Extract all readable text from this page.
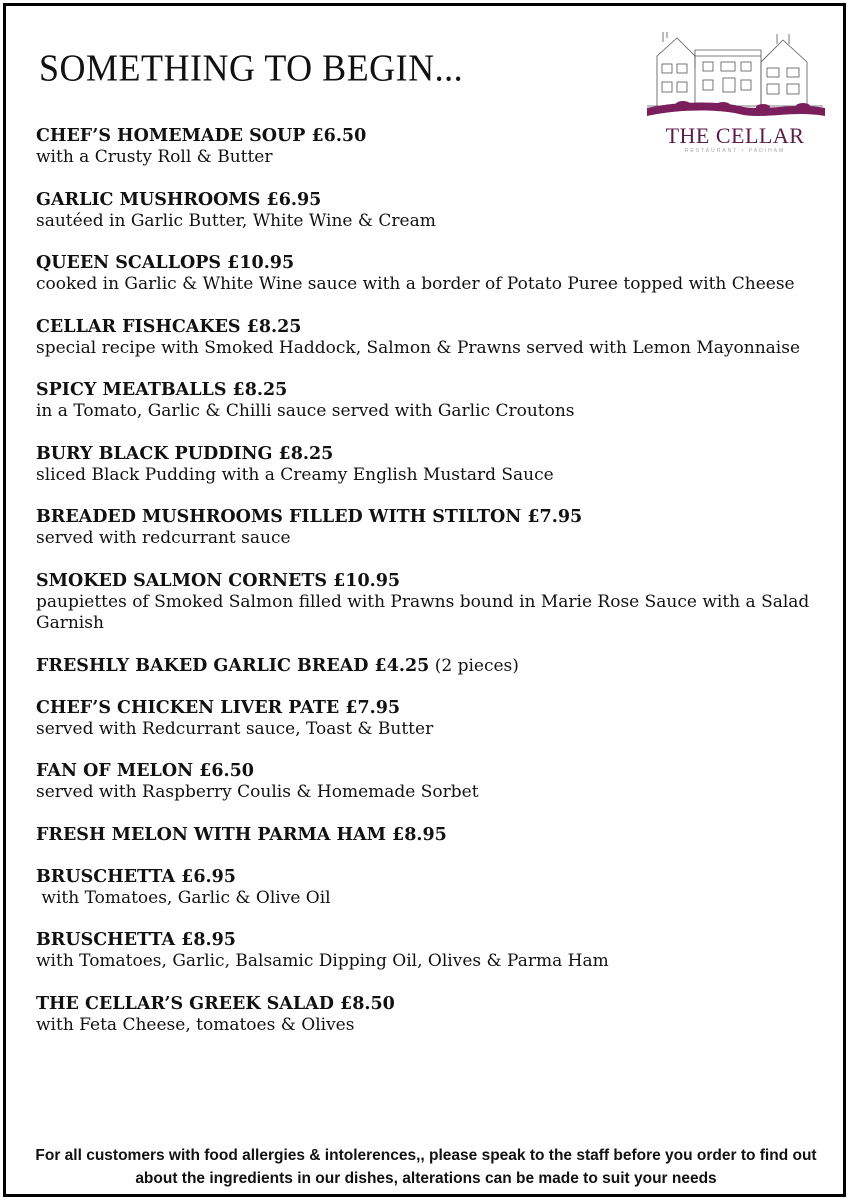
SOMETHING TO BEGIN...
THE CELLAR
RESTAURANT • PADIHAM
CHEF’S HOMEMADE SOUP £6.50
with a Crusty Roll & Butter
GARLIC MUSHROOMS £6.95
sautéed in Garlic Butter, White Wine & Cream
QUEEN SCALLOPS £10.95
cooked in Garlic & White Wine sauce with a border of Potato Puree topped with Cheese
CELLAR FISHCAKES £8.25
special recipe with Smoked Haddock, Salmon & Prawns served with Lemon Mayonnaise
SPICY MEATBALLS £8.25
in a Tomato, Garlic & Chilli sauce served with Garlic Croutons
BURY BLACK PUDDING £8.25
sliced Black Pudding with a Creamy English Mustard Sauce
BREADED MUSHROOMS FILLED WITH STILTON £7.95
served with redcurrant sauce
SMOKED SALMON CORNETS £10.95
paupiettes of Smoked Salmon filled with Prawns bound in Marie Rose Sauce with a Salad Garnish
FRESHLY BAKED GARLIC BREAD £4.25 (2 pieces)
CHEF’S CHICKEN LIVER PATE £7.95
served with Redcurrant sauce, Toast & Butter
FAN OF MELON £6.50
served with Raspberry Coulis & Homemade Sorbet
FRESH MELON WITH PARMA HAM £8.95
BRUSCHETTA £6.95
with Tomatoes, Garlic & Olive Oil
BRUSCHETTA £8.95
with Tomatoes, Garlic, Balsamic Dipping Oil, Olives & Parma Ham
THE CELLAR’S GREEK SALAD £8.50
with Feta Cheese, tomatoes & Olives
For all customers with food allergies & intolerences,, please speak to the staff before you order to find out about the ingredients in our dishes, alterations can be made to suit your needs
